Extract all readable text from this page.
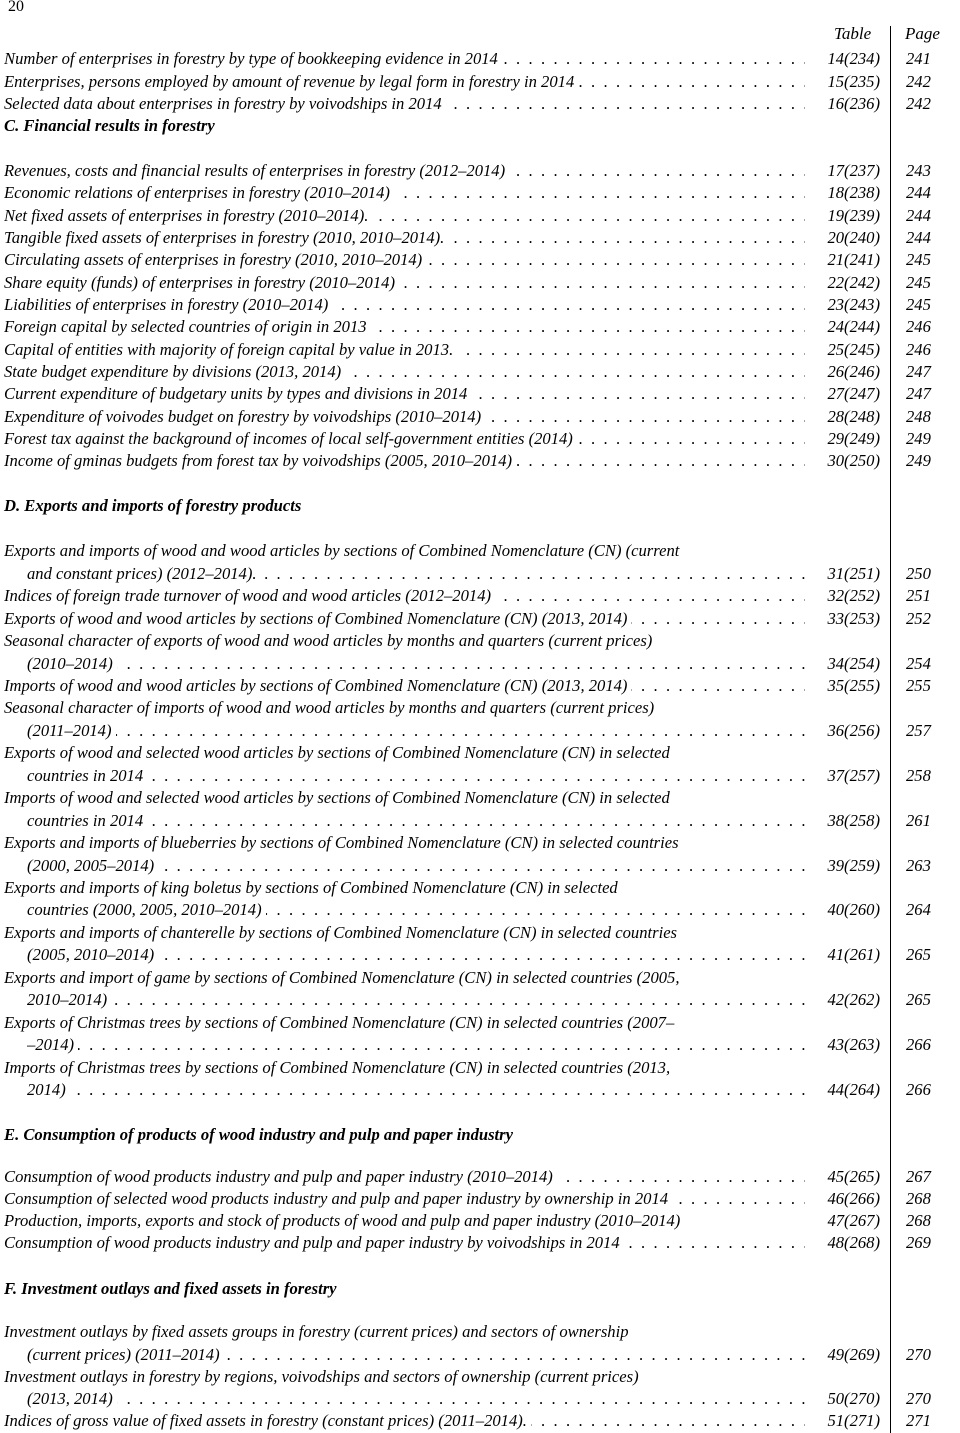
20
Table Page
Number of enterprises in forestry by type of bookkeeping evidence in 2014 . . .	14(234) 241
Enterprises, persons employed by amount of revenue by legal form in forestry in 2014 . . .	15(235) 242
Selected data about enterprises in forestry by voivodships in 2014 . . .	16(236) 242
C. Financial results in forestry
Revenues, costs and financial results of enterprises in forestry (2012–2014) . . .	17(237) 243
Economic relations of enterprises in forestry (2010–2014) . . .	18(238) 244
Net fixed assets of enterprises in forestry (2010–2014). . . .	19(239) 244
Tangible fixed assets of enterprises in forestry (2010, 2010–2014). . . .	20(240) 244
Circulating assets of enterprises in forestry (2010, 2010–2014) . . .	21(241) 245
Share equity (funds) of enterprises in forestry (2010–2014) . . .	22(242) 245
Liabilities of enterprises in forestry (2010–2014) . . .	23(243) 245
Foreign capital by selected countries of origin in 2013 . . .	24(244) 246
Capital of entities with majority of foreign capital by value in 2013. . . .	25(245) 246
State budget expenditure by divisions (2013, 2014) . . .	26(246) 247
Current expenditure of budgetary units by types and divisions in 2014 . . .	27(247) 247
Expenditure of voivodes budget on forestry by voivodships (2010–2014) . . .	28(248) 248
Forest tax against the background of incomes of local self-government entities (2014) . . .	29(249) 249
Income of gminas budgets from forest tax by voivodships (2005, 2010–2014) . . .	30(250) 249
D. Exports and imports of forestry products
Exports and imports of wood and wood articles by sections of Combined Nomenclature (CN) (current
and constant prices) (2012–2014). . . .	31(251) 250
Indices of foreign trade turnover of wood and wood articles (2012–2014) . . .	32(252) 251
Exports of wood and wood articles by sections of Combined Nomenclature (CN) (2013, 2014) . . .	33(253) 252
Seasonal character of exports of wood and wood articles by months and quarters (current prices)
(2010–2014) . . .	34(254) 254
Imports of wood and wood articles by sections of Combined Nomenclature (CN) (2013, 2014) . . .	35(255) 255
Seasonal character of imports of wood and wood articles by months and quarters (current prices)
(2011–2014) . . .	36(256) 257
Exports of wood and selected wood articles by sections of Combined Nomenclature (CN) in selected
countries in 2014 . . .	37(257) 258
Imports of wood and selected wood articles by sections of Combined Nomenclature (CN) in selected
countries in 2014 . . .	38(258) 261
Exports and imports of blueberries by sections of Combined Nomenclature (CN) in selected countries
(2000, 2005–2014) . . .	39(259) 263
Exports and imports of king boletus by sections of Combined Nomenclature (CN) in selected
countries (2000, 2005, 2010–2014) . . .	40(260) 264
Exports and imports of chanterelle by sections of Combined Nomenclature (CN) in selected countries
(2005, 2010–2014) . . .	41(261) 265
Exports and import of game by sections of Combined Nomenclature (CN) in selected countries (2005,
2010–2014) . . .	42(262) 265
Exports of Christmas trees by sections of Combined Nomenclature (CN) in selected countries (2007–
–2014) . . .	43(263) 266
Imports of Christmas trees by sections of Combined Nomenclature (CN) in selected countries (2013,
2014) . . .	44(264) 266
E. Consumption of products of wood industry and pulp and paper industry
Consumption of wood products industry and pulp and paper industry (2010–2014) . . .	45(265) 267
Consumption of selected wood products industry and pulp and paper industry by ownership in 2014 . . .	46(266) 268
Production, imports, exports and stock of products of wood and pulp and paper industry (2010–2014)	47(267) 268
Consumption of wood products industry and pulp and paper industry by voivodships in 2014 . . .	48(268) 269
F. Investment outlays and fixed assets in forestry
Investment outlays by fixed assets groups in forestry (current prices) and sectors of ownership
(current prices) (2011–2014) . . .	49(269) 270
Investment outlays in forestry by regions, voivodships and sectors of ownership (current prices)
(2013, 2014) . . .	50(270) 270
Indices of gross value of fixed assets in forestry (constant prices) (2011–2014). . . .	51(271) 271
